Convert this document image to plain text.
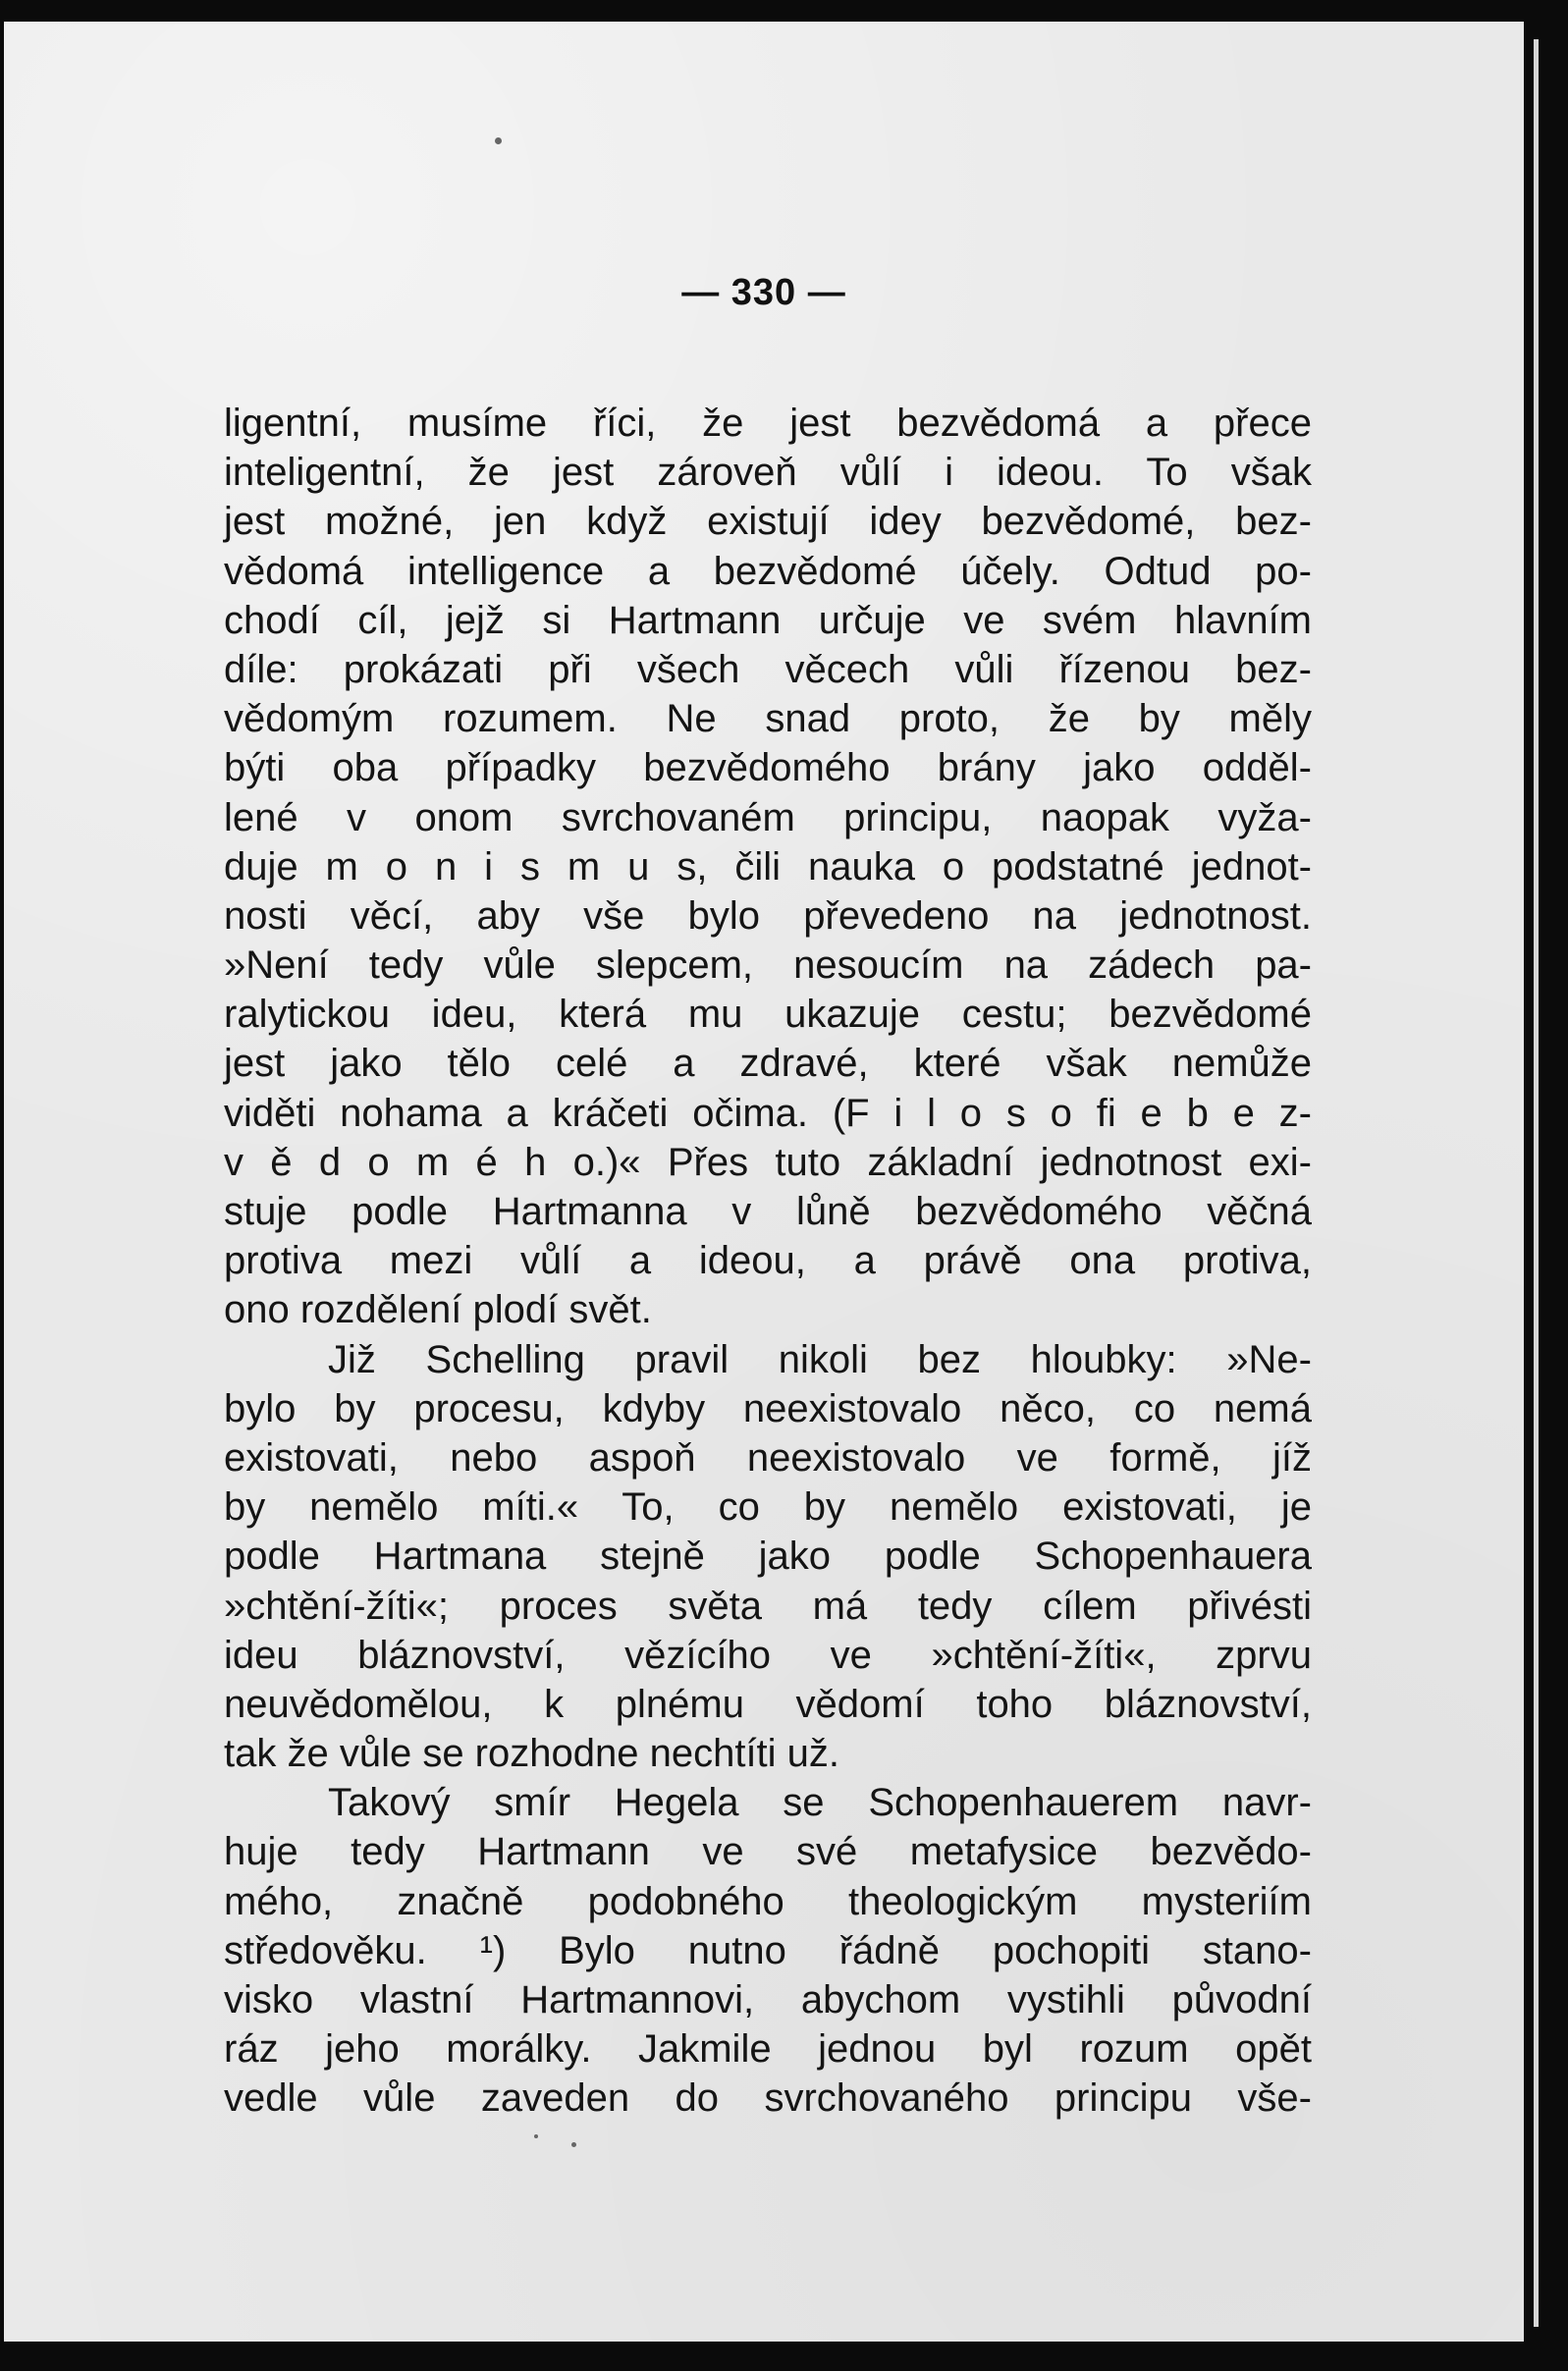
— 330 —
ligentní, musíme říci, že jest bezvědomá a přece
inteligentní, že jest zároveň vůlí i ideou. To však
jest možné, jen když existují idey bezvědomé, bez-
vědomá intelligence a bezvědomé účely. Odtud po-
chodí cíl, jejž si Hartmann určuje ve svém hlavním
díle: prokázati při všech věcech vůli řízenou bez-
vědomým rozumem. Ne snad proto, že by měly
býti oba případky bezvědomého brány jako odděl-
lené v onom svrchovaném principu, naopak vyža-
duje m o n i s m u s, čili nauka o podstatné jednot-
nosti věcí, aby vše bylo převedeno na jednotnost.
»Není tedy vůle slepcem, nesoucím na zádech pa-
ralytickou ideu, která mu ukazuje cestu; bezvědomé
jest jako tělo celé a zdravé, které však nemůže
viděti nohama a kráčeti očima. (F i l o s o fi e b e z-
v ě d o m é h o.)« Přes tuto základní jednotnost exi-
stuje podle Hartmanna v lůně bezvědomého věčná
protiva mezi vůlí a ideou, a právě ona protiva,
ono rozdělení plodí svět.
Již Schelling pravil nikoli bez hloubky: »Ne-
bylo by procesu, kdyby neexistovalo něco, co nemá
existovati, nebo aspoň neexistovalo ve formě, jíž
by nemělo míti.« To, co by nemělo existovati, je
podle Hartmana stejně jako podle Schopenhauera
»chtění-žíti«; proces světa má tedy cílem přivésti
ideu bláznovství, vězícího ve »chtění-žíti«, zprvu
neuvědomělou, k plnému vědomí toho bláznovství,
tak že vůle se rozhodne nechtíti už.
Takový smír Hegela se Schopenhauerem navr-
huje tedy Hartmann ve své metafysice bezvědo-
mého, značně podobného theologickým mysteriím
středověku. ¹) Bylo nutno řádně pochopiti stano-
visko vlastní Hartmannovi, abychom vystihli původní
ráz jeho morálky. Jakmile jednou byl rozum opět
vedle vůle zaveden do svrchovaného principu vše-
